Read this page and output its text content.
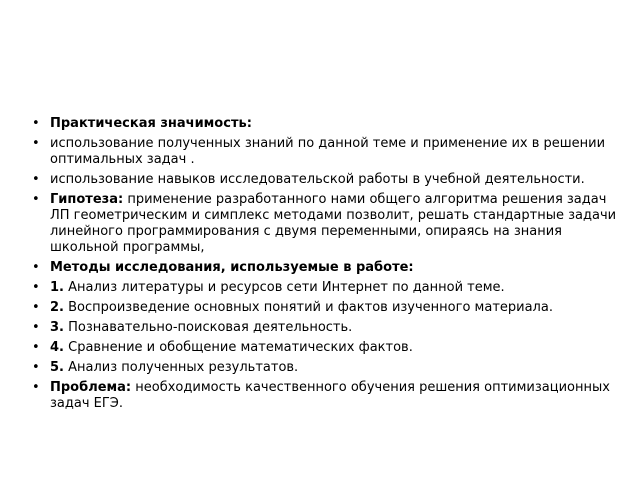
• Практическая значимость:
• использование полученных знаний по данной теме и применение их в решении оптимальных задач .
• использование навыков исследовательской работы в учебной деятельности.
• Гипотеза: применение разработанного нами общего алгоритма решения задач ЛП геометрическим и симплекс методами позволит, решать стандартные задачи линейного программирования с двумя переменными, опираясь на знания школьной программы,
• Методы исследования, используемые в работе:
• 1. Анализ литературы и ресурсов сети Интернет по данной теме.
• 2. Воспроизведение основных понятий и фактов изученного материала.
• 3. Познавательно-поисковая деятельность.
• 4. Сравнение и обобщение математических фактов.
• 5. Анализ полученных результатов.
• Проблема: необходимость качественного обучения решения оптимизационных задач ЕГЭ.
